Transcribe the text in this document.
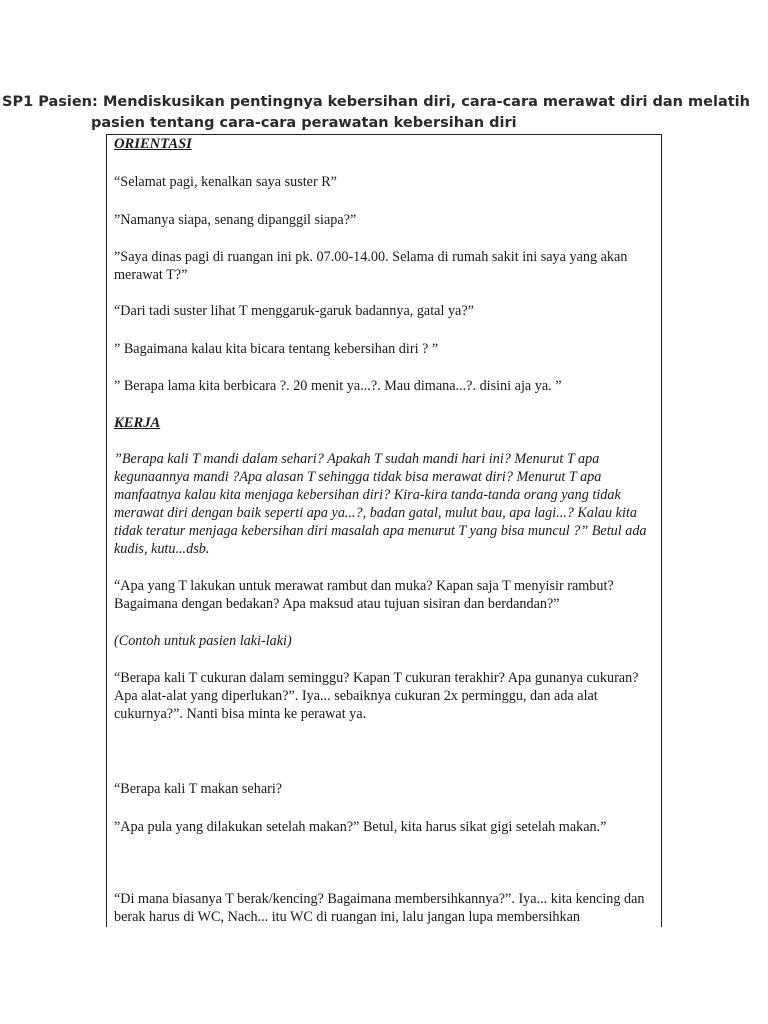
SP1 Pasien: Mendiskusikan pentingnya kebersihan diri, cara-cara merawat diri dan melatih
pasien tentang cara-cara perawatan kebersihan diri

ORIENTASI

“Selamat pagi, kenalkan saya suster R”

”Namanya siapa, senang dipanggil siapa?”

”Saya dinas pagi di ruangan ini pk. 07.00-14.00. Selama di rumah sakit ini saya yang akan merawat T?”

“Dari tadi suster lihat T menggaruk-garuk badannya, gatal ya?”

” Bagaimana kalau kita bicara tentang kebersihan diri ? ”

” Berapa lama kita berbicara ?. 20 menit ya...?. Mau dimana...?. disini aja ya. ”

KERJA

”Berapa kali T mandi dalam sehari? Apakah T sudah mandi hari ini? Menurut T apa kegunaannya mandi ?Apa alasan T sehingga tidak bisa merawat diri? Menurut T apa manfaatnya kalau kita menjaga kebersihan diri? Kira-kira tanda-tanda orang yang tidak merawat diri dengan baik seperti apa ya...?, badan gatal, mulut bau, apa lagi...? Kalau kita tidak teratur menjaga kebersihan diri masalah apa menurut T yang bisa muncul ?” Betul ada kudis, kutu...dsb.

“Apa yang T lakukan untuk merawat rambut dan muka? Kapan saja T menyisir rambut? Bagaimana dengan bedakan? Apa maksud atau tujuan sisiran dan berdandan?”

(Contoh untuk pasien laki-laki)

“Berapa kali T cukuran dalam seminggu? Kapan T cukuran terakhir? Apa gunanya cukuran? Apa alat-alat yang diperlukan?”. Iya... sebaiknya cukuran 2x perminggu, dan ada alat cukurnya?”. Nanti bisa minta ke perawat ya.

“Berapa kali T makan sehari?

”Apa pula yang dilakukan setelah makan?” Betul, kita harus sikat gigi setelah makan.”

“Di mana biasanya T berak/kencing? Bagaimana membersihkannya?”. Iya... kita kencing dan berak harus di WC, Nach... itu WC di ruangan ini, lalu jangan lupa membersihkan
